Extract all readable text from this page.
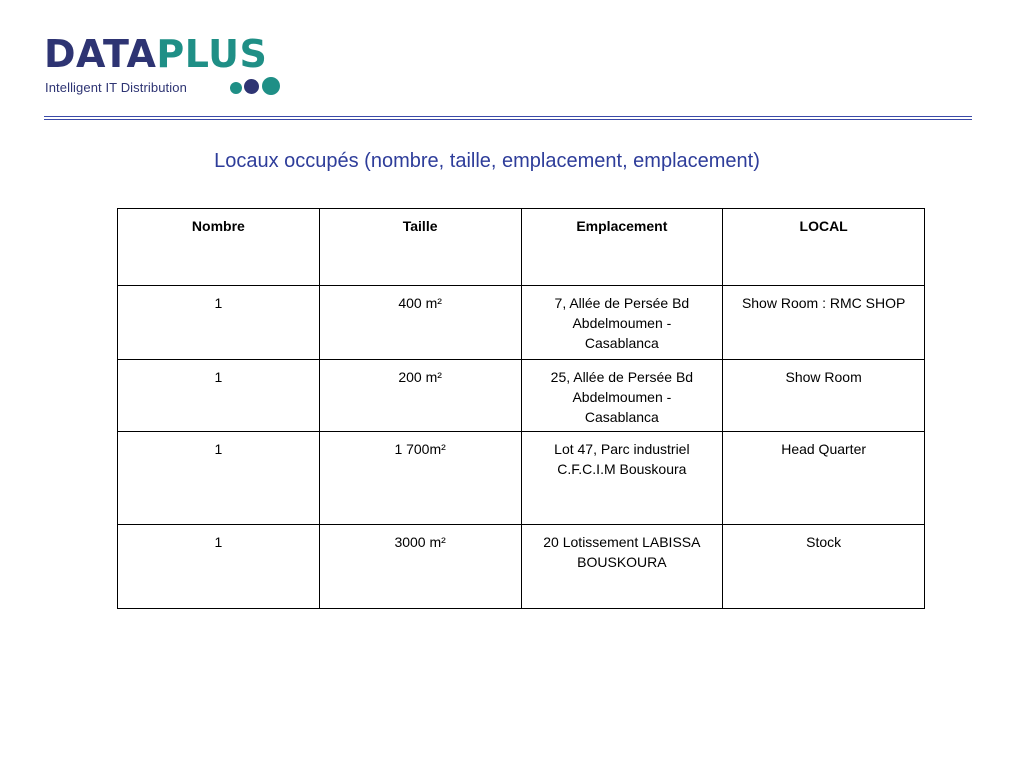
DATAPLUS
Intelligent IT Distribution
Locaux occupés (nombre, taille, emplacement, emplacement)
Nombre	Taille	Emplacement	LOCAL
1	400 m²	7, Allée de Persée Bd
Abdelmoumen -
Casablanca	Show Room : RMC SHOP
1	200 m²	25, Allée de Persée Bd
Abdelmoumen -
Casablanca	Show Room
1	1 700m²	Lot 47, Parc industriel
C.F.C.I.M Bouskoura	Head Quarter
1	3000 m²	20 Lotissement LABISSA
BOUSKOURA	Stock
